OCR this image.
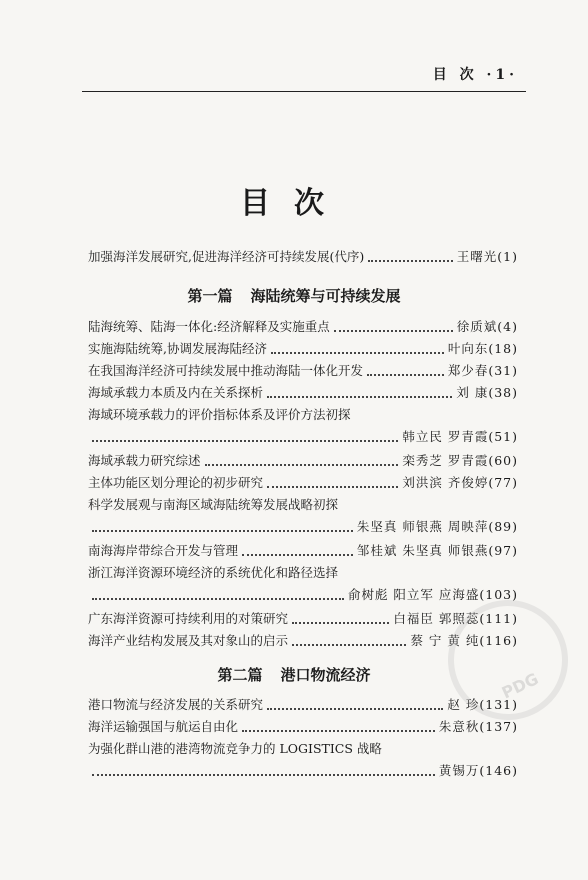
目 次 ·1·
目次
加强海洋发展研究,促进海洋经济可持续发展(代序)	王曙光(1)
第一篇 海陆统筹与可持续发展
陆海统筹、陆海一体化:经济解释及实施重点	徐质斌(4)
实施海陆统筹,协调发展海陆经济	叶向东(18)
在我国海洋经济可持续发展中推动海陆一体化开发	郑少春(31)
海域承载力本质及内在关系探析	刘 康(38)
海域环境承载力的评价指标体系及评价方法初探
韩立民 罗青霞(51)
海域承载力研究综述	栾秀芝 罗青霞(60)
主体功能区划分理论的初步研究	刘洪滨 齐俊婷(77)
科学发展观与南海区域海陆统筹发展战略初探
朱坚真 师银燕 周映萍(89)
南海海岸带综合开发与管理	邹桂斌 朱坚真 师银燕(97)
浙江海洋资源环境经济的系统优化和路径选择
俞树彪 阳立军 应海盛(103)
广东海洋资源可持续利用的对策研究	白福臣 郭照蕊(111)
海洋产业结构发展及其对象山的启示	蔡 宁 黄 纯(116)
第二篇 港口物流经济
港口物流与经济发展的关系研究	赵 珍(131)
海洋运输强国与航运自由化	朱意秋(137)
为强化群山港的港湾物流竞争力的 LOGISTICS 战略
黄锡万(146)
PDG
